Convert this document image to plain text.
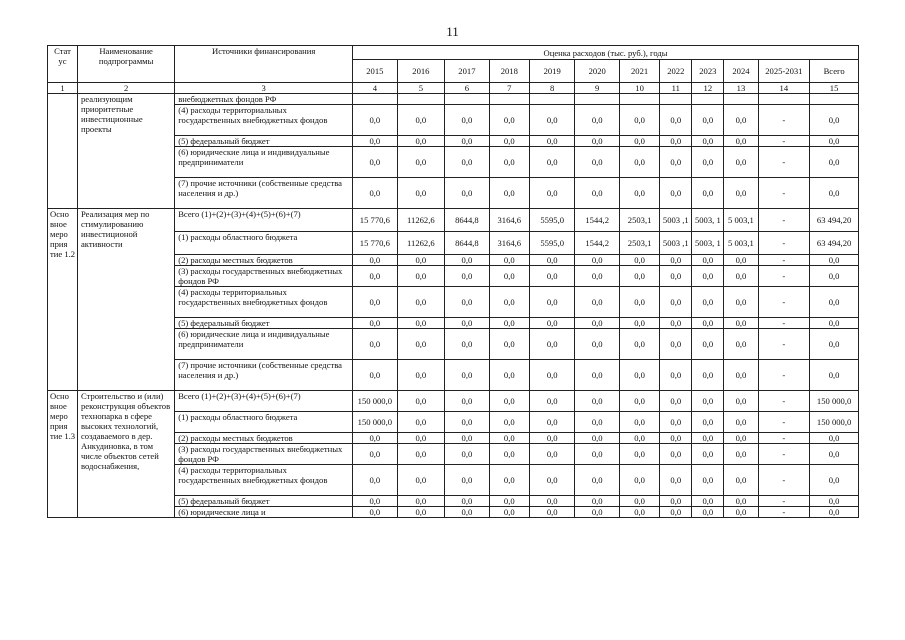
11
Стат ус	Наименование подпрограммы	Источники финансирования	Оценка расходов (тыс. руб.), годы											
			2015	2016	2017	2018	2019	2020	2021	2022	2023	2024	2025-2031	Всего
1	2	3	4	5	6	7	8	9	10	11	12	13	14	15
	реализующим приоритетные инвестиционные проекты	внебюджетных фондов РФ												
		(4) расходы территориальных государственных внебюджетных фондов	0,0	0,0	0,0	0,0	0,0	0,0	0,0	0,0	0,0	0,0	-	0,0
		(5) федеральный бюджет	0,0	0,0	0,0	0,0	0,0	0,0	0,0	0,0	0,0	0,0	-	0,0
		(6) юридические лица и индивидуальные предприниматели	0,0	0,0	0,0	0,0	0,0	0,0	0,0	0,0	0,0	0,0	-	0,0
		(7) прочие источники (собственные средства населения и др.)	0,0	0,0	0,0	0,0	0,0	0,0	0,0	0,0	0,0	0,0	-	0,0
Осно вное меро прия тие 1.2	Реализация мер по стимулированию инвестиционой активности	Всего (1)+(2)+(3)+(4)+(5)+(6)+(7)	15 770,6	11262,6	8644,8	3164,6	5595,0	1544,2	2503,1	5003 ,1	5003, 1	5 003,1	-	63 494,20
		(1) расходы областного бюджета	15 770,6	11262,6	8644,8	3164,6	5595,0	1544,2	2503,1	5003 ,1	5003, 1	5 003,1	-	63 494,20
		(2) расходы местных бюджетов	0,0	0,0	0,0	0,0	0,0	0,0	0,0	0,0	0,0	0,0	-	0,0
		(3) расходы государственных внебюджетных фондов РФ	0,0	0,0	0,0	0,0	0,0	0,0	0,0	0,0	0,0	0,0	-	0,0
		(4) расходы территориальных государственных внебюджетных фондов	0,0	0,0	0,0	0,0	0,0	0,0	0,0	0,0	0,0	0,0	-	0,0
		(5) федеральный бюджет	0,0	0,0	0,0	0,0	0,0	0,0	0,0	0,0	0,0	0,0	-	0,0
		(6) юридические лица и индивидуальные предприниматели	0,0	0,0	0,0	0,0	0,0	0,0	0,0	0,0	0,0	0,0	-	0,0
		(7) прочие источники (собственные средства населения и др.)	0,0	0,0	0,0	0,0	0,0	0,0	0,0	0,0	0,0	0,0	-	0,0
Осно вное меро прия тие 1.3	Строительство и (или) реконструкция объектов технопарка в сфере высоких технологий, создаваемого в дер. Анкудиновка, в том числе объектов сетей водоснабжения,	Всего (1)+(2)+(3)+(4)+(5)+(6)+(7)	150 000,0	0,0	0,0	0,0	0,0	0,0	0,0	0,0	0,0	0,0	-	150 000,0
		(1) расходы областного бюджета	150 000,0	0,0	0,0	0,0	0,0	0,0	0,0	0,0	0,0	0,0	-	150 000,0
		(2) расходы местных бюджетов	0,0	0,0	0,0	0,0	0,0	0,0	0,0	0,0	0,0	0,0	-	0,0
		(3) расходы государственных внебюджетных фондов РФ	0,0	0,0	0,0	0,0	0,0	0,0	0,0	0,0	0,0	0,0	-	0,0
		(4) расходы территориальных государственных внебюджетных фондов	0,0	0,0	0,0	0,0	0,0	0,0	0,0	0,0	0,0	0,0	-	0,0
		(5) федеральный бюджет	0,0	0,0	0,0	0,0	0,0	0,0	0,0	0,0	0,0	0,0	-	0,0
		(6) юридические лица и	0,0	0,0	0,0	0,0	0,0	0,0	0,0	0,0	0,0	0,0	-	0,0
